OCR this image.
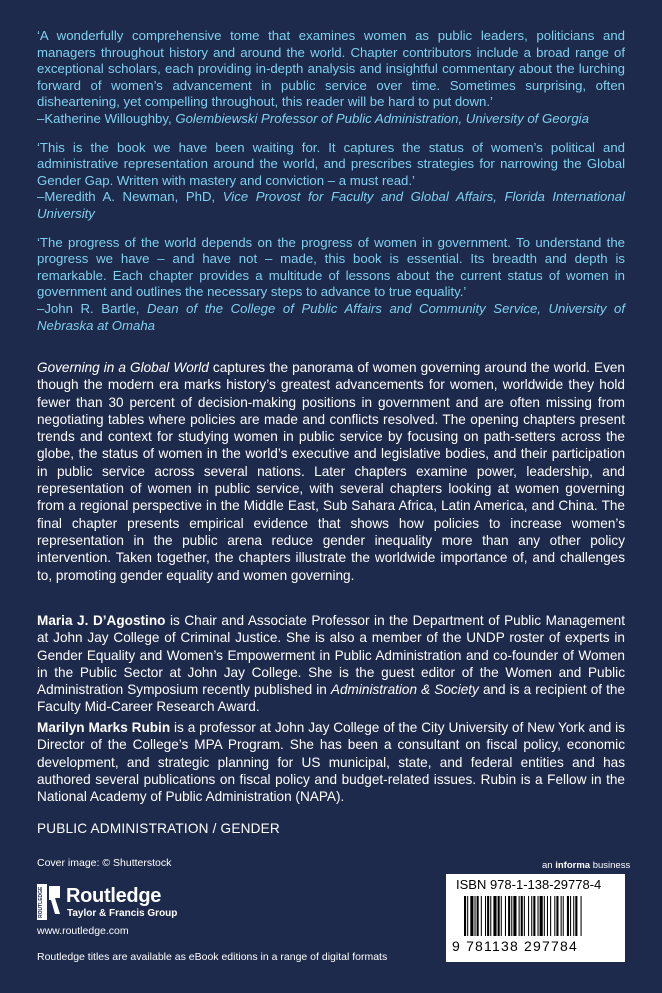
‘A wonderfully comprehensive tome that examines women as public leaders, politicians and managers throughout history and around the world. Chapter contributors include a broad range of exceptional scholars, each providing in-depth analysis and insightful commentary about the lurching forward of women’s advancement in public service over time. Sometimes surprising, often disheartening, yet compelling throughout, this reader will be hard to put down.’

–Katherine Willoughby, Golembiewski Professor of Public Administration, University of Georgia

‘This is the book we have been waiting for. It captures the status of women’s political and administrative representation around the world, and prescribes strategies for narrowing the Global Gender Gap. Written with mastery and conviction – a must read.’

–Meredith A. Newman, PhD, Vice Provost for Faculty and Global Affairs, Florida International University

‘The progress of the world depends on the progress of women in government. To understand the progress we have – and have not – made, this book is essential. Its breadth and depth is remarkable. Each chapter provides a multitude of lessons about the current status of women in government and outlines the necessary steps to advance to true equality.’

–John R. Bartle, Dean of the College of Public Affairs and Community Service, University of Nebraska at Omaha

Governing in a Global World captures the panorama of women governing around the world. Even though the modern era marks history’s greatest advancements for women, worldwide they hold fewer than 30 percent of decision-making positions in government and are often missing from negotiating tables where policies are made and conflicts resolved. The opening chapters present trends and context for studying women in public service by focusing on path-setters across the globe, the status of women in the world’s executive and legislative bodies, and their participation in public service across several nations. Later chapters examine power, leadership, and representation of women in public service, with several chapters looking at women governing from a regional perspective in the Middle East, Sub Sahara Africa, Latin America, and China. The final chapter presents empirical evidence that shows how policies to increase women’s representation in the public arena reduce gender inequality more than any other policy intervention. Taken together, the chapters illustrate the worldwide importance of, and challenges to, promoting gender equality and women governing.

Maria J. D’Agostino is Chair and Associate Professor in the Department of Public Management at John Jay College of Criminal Justice. She is also a member of the UNDP roster of experts in Gender Equality and Women’s Empowerment in Public Administration and co-founder of Women in the Public Sector at John Jay College. She is the guest editor of the Women and Public Administration Symposium recently published in Administration & Society and is a recipient of the Faculty Mid-Career Research Award.

Marilyn Marks Rubin is a professor at John Jay College of the City University of New York and is Director of the College’s MPA Program. She has been a consultant on fiscal policy, economic development, and strategic planning for US municipal, state, and federal entities and has authored several publications on fiscal policy and budget-related issues. Rubin is a Fellow in the National Academy of Public Administration (NAPA).

PUBLIC ADMINISTRATION / GENDER
Cover image: © Shutterstock
ROUTLEDGE Routledge
Taylor & Francis Group
www.routledge.com
Routledge titles are available as eBook editions in a range of digital formats
an informa business
ISBN 978-1-138-29778-4
9 781138 297784
